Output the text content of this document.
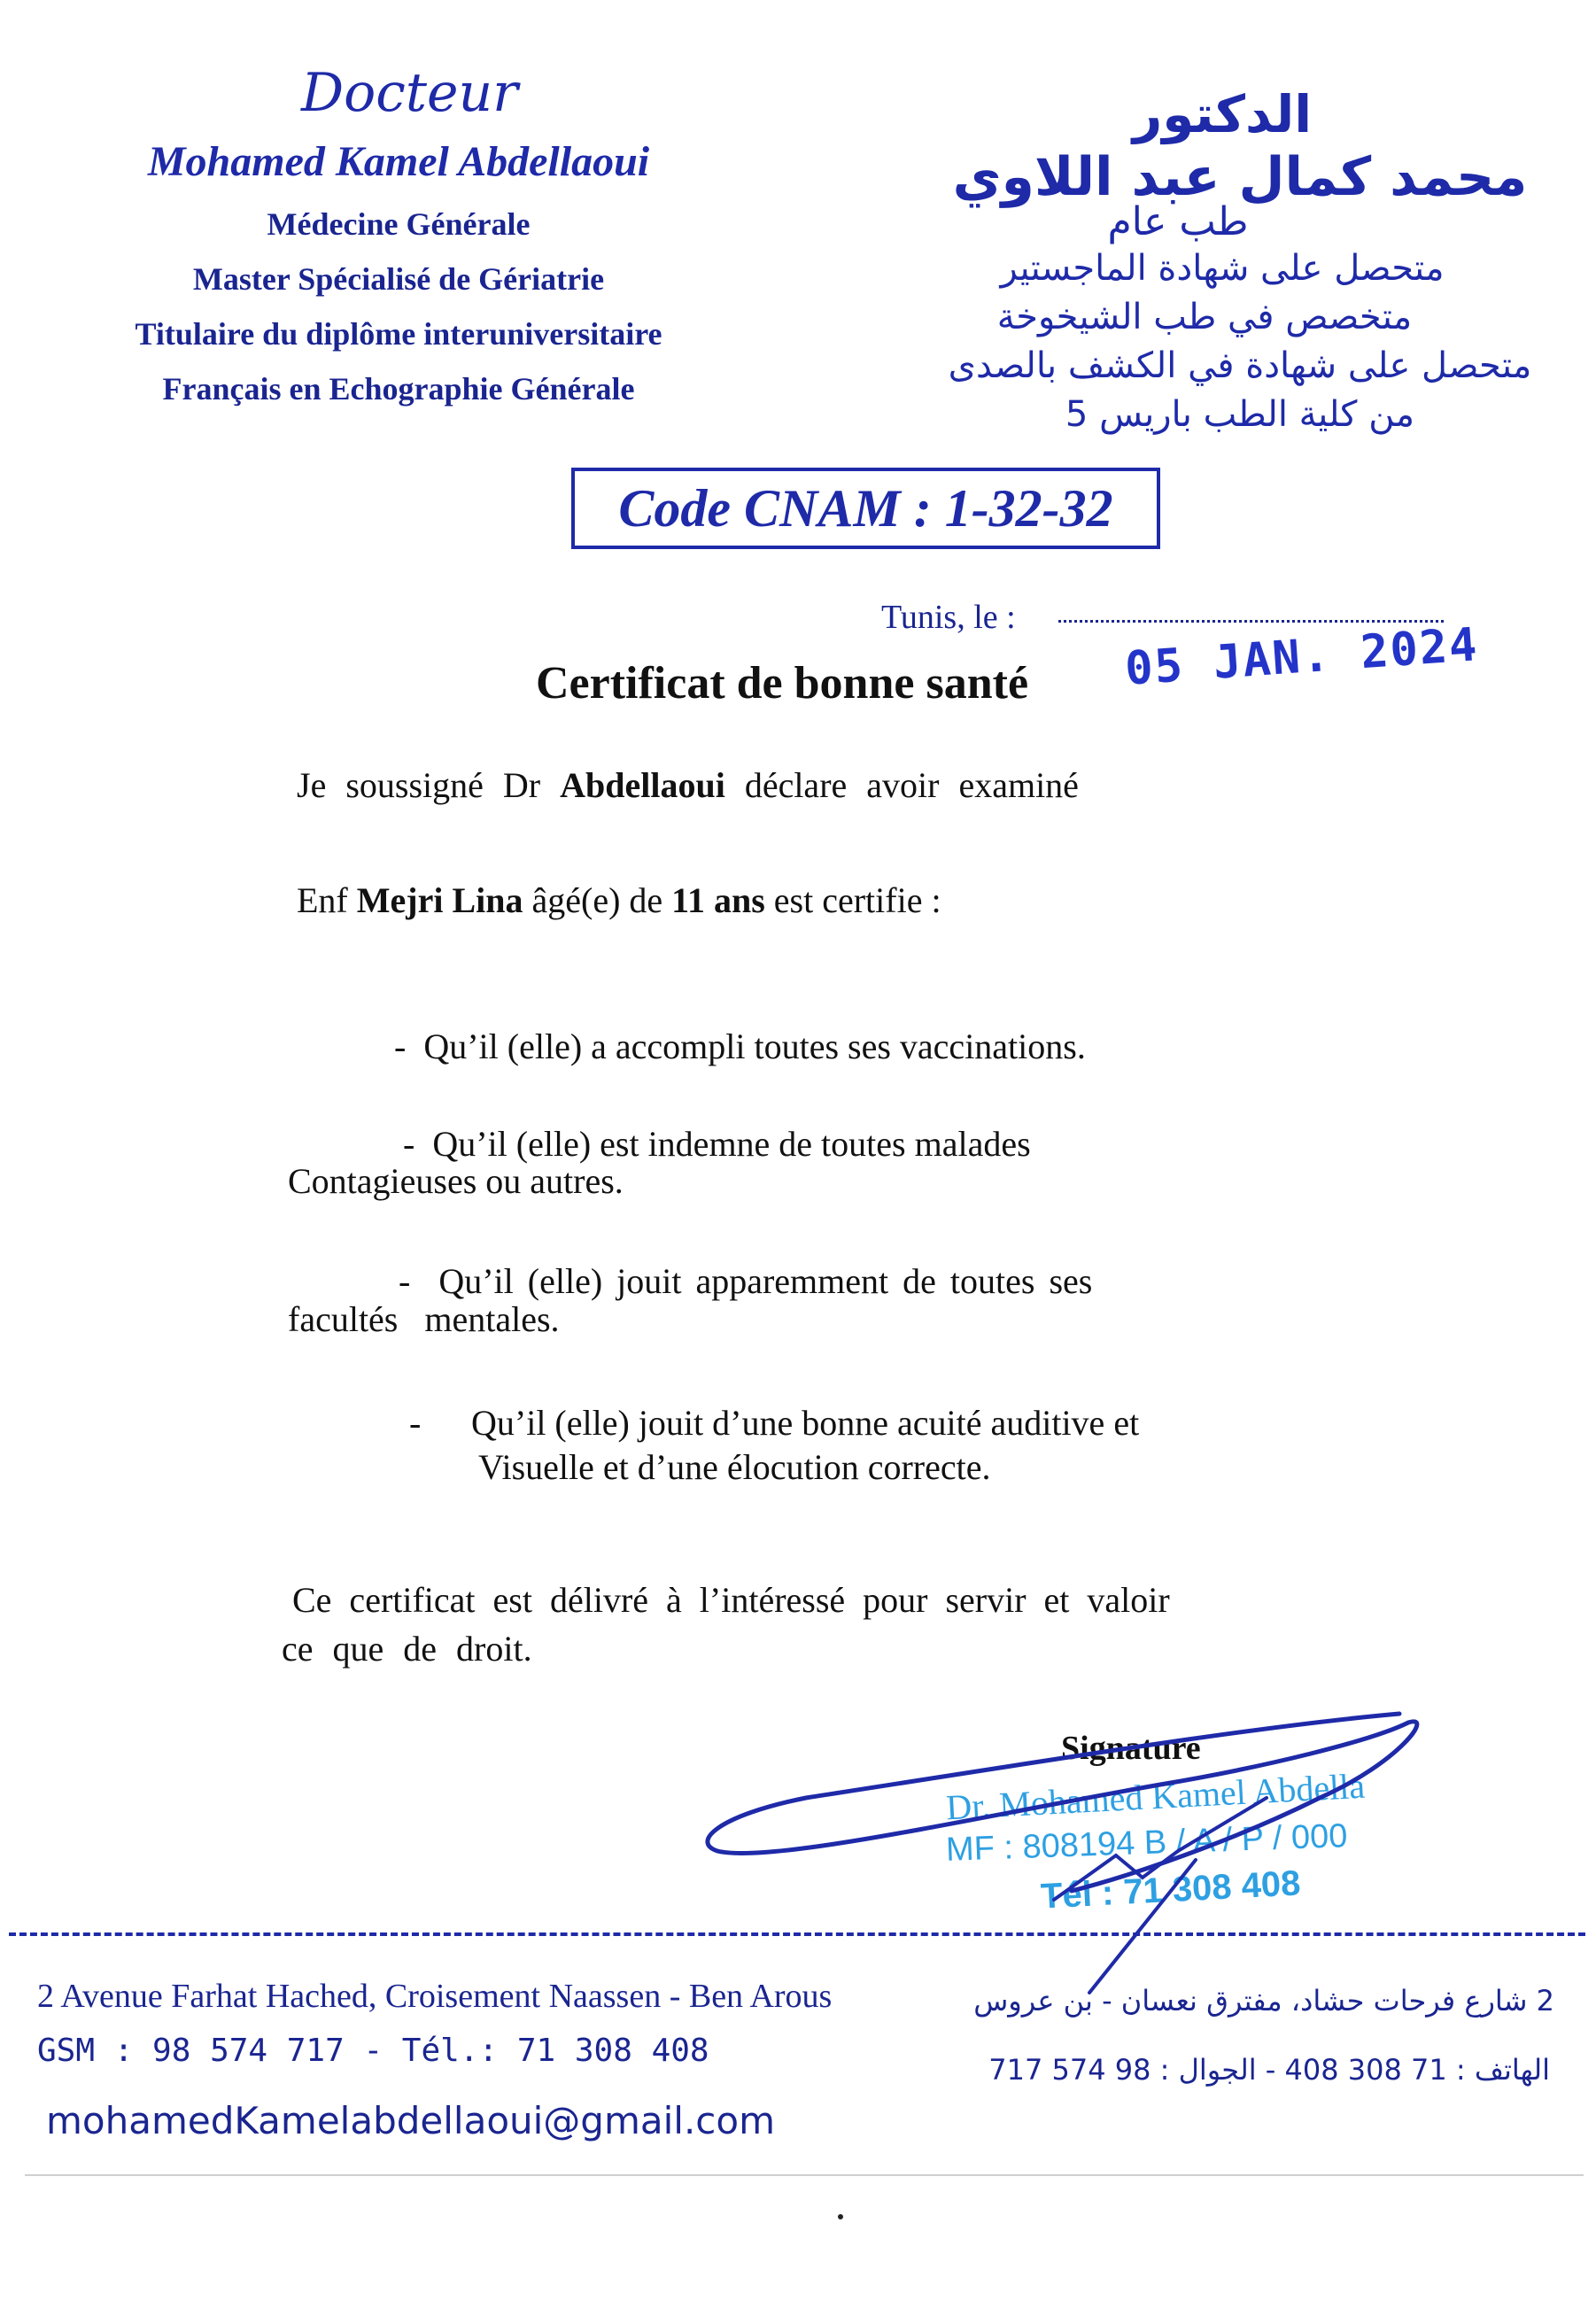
Docteur
Mohamed Kamel Abdellaoui
Médecine Générale
Master Spécialisé de Gériatrie
Titulaire du diplôme interuniversitaire
Français en Echographie Générale
الدكتور
محمد كمال عبد اللاوي
طب عام
متحصل على شهادة الماجستير
متخصص في طب الشيخوخة
متحصل على شهادة في الكشف بالصدى
من كلية الطب باريس 5
Code CNAM : 1-32-32
Tunis, le :
05 JAN. 2024
Certificat de bonne santé
Je soussigné Dr Abdellaoui déclare avoir examiné
Enf Mejri Lina âgé(e) de 11 ans est certifie :
- Qu’il (elle) a accompli toutes ses vaccinations.
- Qu’il (elle) est indemne de toutes malades
Contagieuses ou autres.
- Qu’il (elle) jouit apparemment de toutes ses
facultés mentales.
- Qu’il (elle) jouit d’une bonne acuité auditive et
Visuelle et d’une élocution correcte.
Ce certificat est délivré à l’intéressé pour servir et valoir
ce que de droit.
Signature
Dr. Mohamed Kamel Abdella
MF : 808194 B / A / P / 000
Tél : 71 308 408
2 Avenue Farhat Hached, Croisement Naassen - Ben Arous
GSM : 98 574 717 - Tél.: 71 308 408
mohamedKamelabdellaoui@gmail.com
2 شارع فرحات حشاد، مفترق نعسان - بن عروس
الهاتف : 71 308 408 - الجوال : 98 574 717
